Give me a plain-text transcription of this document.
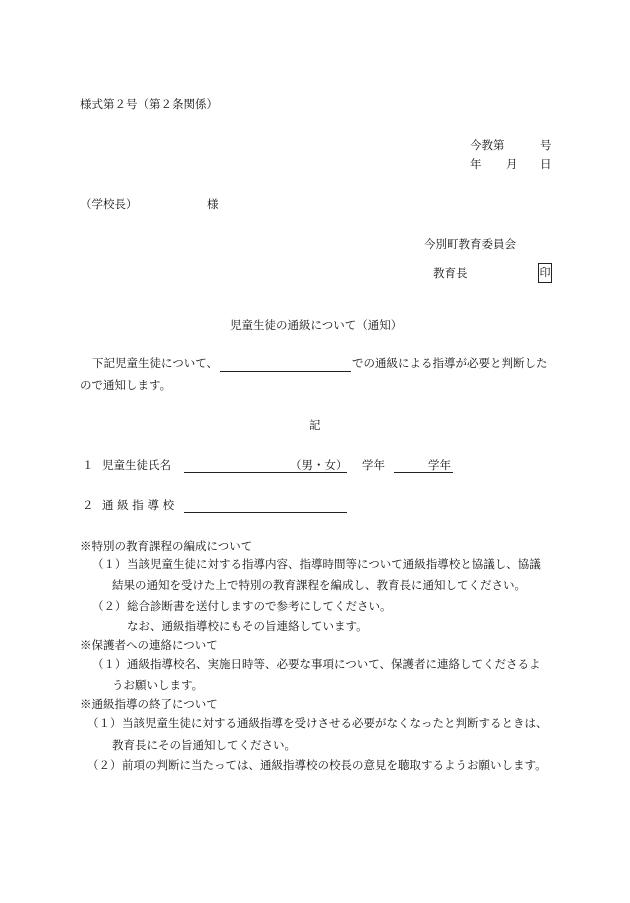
様式第２号（第２条関係）
今教第	号
年 月 日
（学校長）	様
今別町教育委員会
教育長	印
児童生徒の通級について（通知）
下記児童生徒について、	での通級による指導が必要と判断した
ので通知します。
記
１ 児童生徒氏名	（男・女） 学年	学年
２ 通 級 指 導 校
※特別の教育課程の編成について
（１） 当該児童生徒に対する指導内容、指導時間等について通級指導校と協議し、協議
結果の通知を受けた上で特別の教育課程を編成し、教育長に通知してください。
（２） 総合診断書を送付しますので参考にしてください。
なお、通級指導校にもその旨連絡しています。
※保護者への連絡について
（１） 通級指導校名、実施日時等、必要な事項について、保護者に連絡してくださるよ
うお願いします。
※通級指導の終了について
（１） 当該児童生徒に対する通級指導を受けさせる必要がなくなったと判断するときは、
教育長にその旨通知してください。
（２） 前項の判断に当たっては、通級指導校の校長の意見を聴取するようお願いします。
